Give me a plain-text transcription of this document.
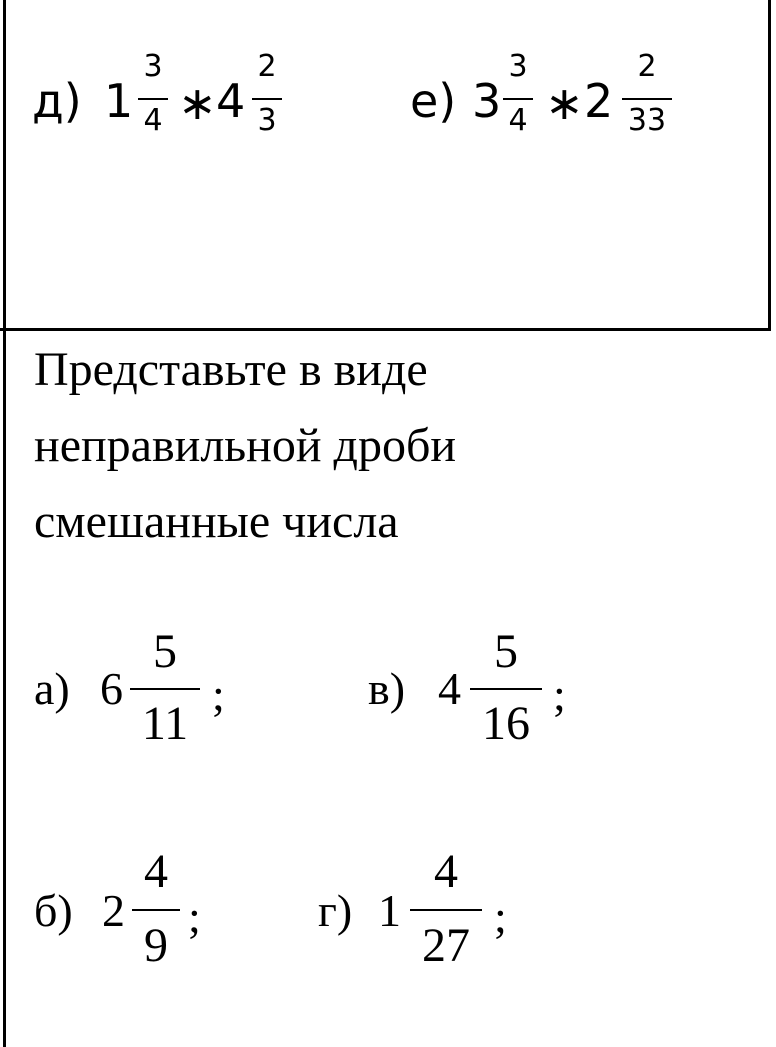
д) 1
3
4 ∗ 4
2
3	е) 3
3
4 ∗ 2
2
33
Представьте в виде
неправильной дроби
смешанные числа
а) 6
5
11
;	в) 4
5
16
;
б) 2
4
9
;	г) 1
4
27
;
